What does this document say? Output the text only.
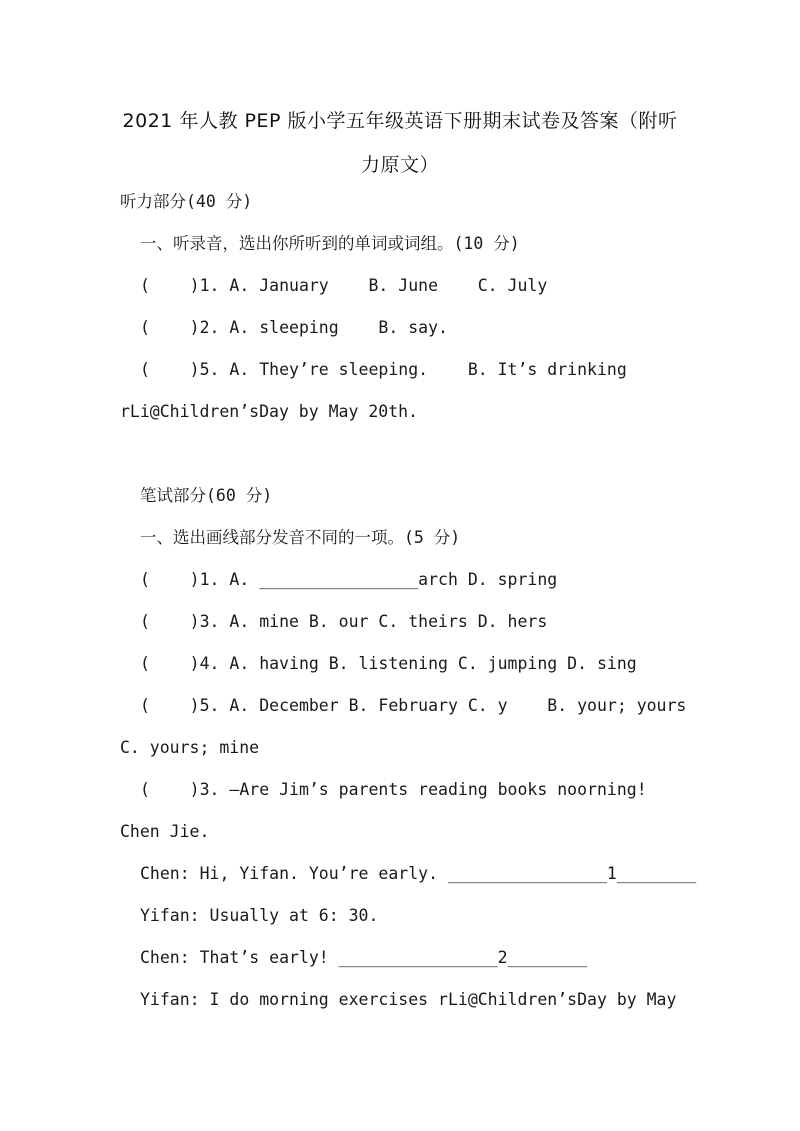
2021 年人教 PEP 版小学五年级英语下册期末试卷及答案（附听
力原文）
听力部分(40 分)
一、听录音，选出你所听到的单词或词组。(10 分)
(    )1. A. January    B. June    C. July
(    )2. A. sleeping    B. say.
(    )5. A. They’re sleeping.    B. It’s drinking
rLi@Children’sDay by May 20th.
笔试部分(60 分)
一、选出画线部分发音不同的一项。(5 分)
(    )1. A. ________________arch D. spring
(    )3. A. mine B. our C. theirs D. hers
(    )4. A. having B. listening C. jumping D. sing
(    )5. A. December B. February C. y    B. your; yours
C. yours; mine
(    )3. —Are Jim’s parents reading books noorning!
Chen Jie.
Chen: Hi, Yifan. You’re early. ________________1________
Yifan: Usually at 6: 30.
Chen: That’s early! ________________2________
Yifan: I do morning exercises rLi@Children’sDay by May
